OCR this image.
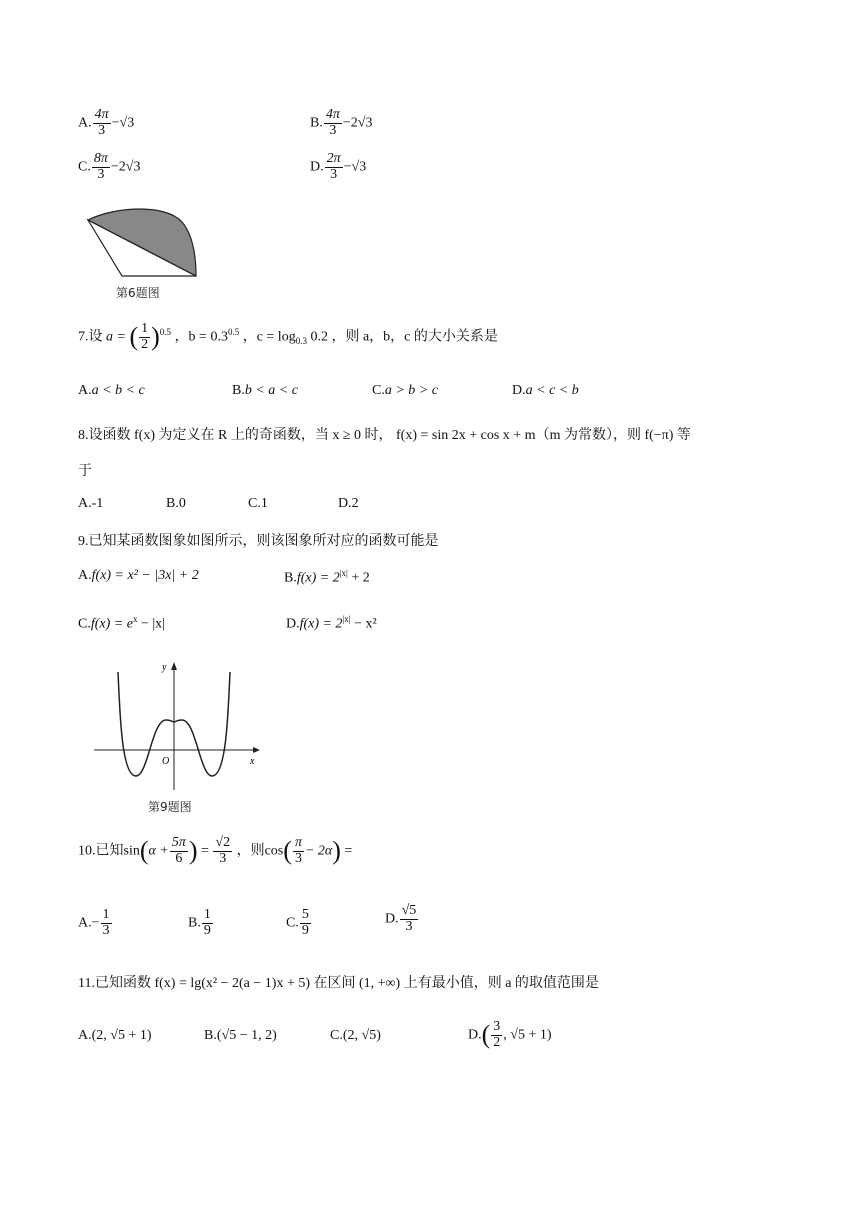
A. $\frac{4\pi}{3} -√3$	B. $\frac{4\pi}{3} -2√3$
C. $\frac{8\pi}{3} -2√3$	D. $\frac{2\pi}{3} -√3$
第6题图
7.设 a = ( $\frac{1}{2} )^{0.5}$ ，$b = 0.3^{0.5}$ ，$c = \log_{0.3} 0.2$ ，则 a，b，c 的大小关系是
A.a < b < c	B.b < a < c	C.a > b > c	D.a < c < b
8.设函数 f(x) 为定义在 R 上的奇函数，当 x ≥ 0 时， f(x) = sin 2x + cos x + m（m 为常数），则 f(−π) 等
于
A.-1	B.0	C.1	D.2
9.已知某函数图象如图所示，则该图象所对应的函数可能是
A.f(x) = x² − |3x| + 2	$B.f(x) = 2^{|x|} + 2$
$C.f(x) = e^x - |x|$	$D.f(x) = 2^{|x|} - x^2$
O	x
y
第9题图
10.已知$\sin(\alpha + \frac{5\pi}{6}$ ) = $\frac{√2}{3}$ ，则$\cos( \frac{\pi}{3} - 2\alpha)$ =
$A.- \frac{1}{3}$	B. $\frac{1}{9}$	C. $\frac{5}{9}$	D. $\frac{√5}{3}$
11.已知函数 f(x) = lg(x² − 2(a − 1)x + 5) 在区间 (1, +∞) 上有最小值，则 a 的取值范围是
A.(2, √5 + 1)	B.(√5 − 1, 2)	C.(2, √5)	$D.( \frac{3}{2}$ , √5 + 1)
